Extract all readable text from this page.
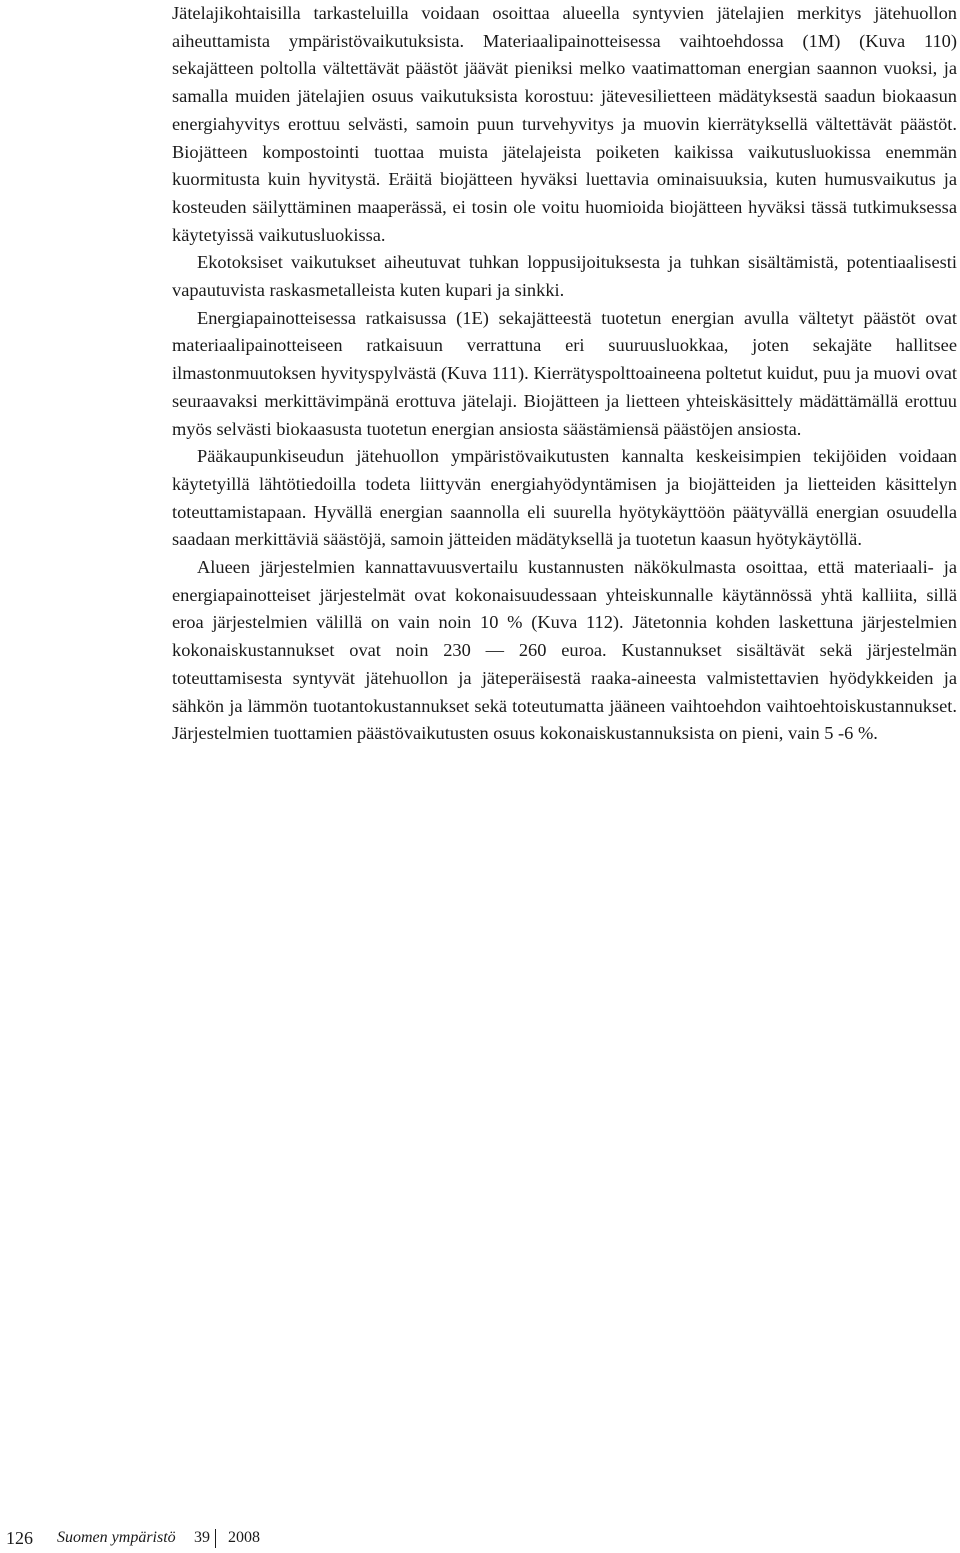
Jätelajikohtaisilla tarkasteluilla voidaan osoittaa alueella syntyvien jätelajien merkitys jätehuollon aiheuttamista ympäristövaikutuksista. Materiaalipainotteisessa vaihtoehdossa (1M) (Kuva 110) sekajätteen poltolla vältettävät päästöt jäävät pieniksi melko vaatimattoman energian saannon vuoksi, ja samalla muiden jätelajien osuus vaikutuksista korostuu: jätevesilietteen mädätyksestä saadun biokaasun energiahyvitys erottuu selvästi, samoin puun turvehyvitys ja muovin kierrätyksellä vältettävät päästöt. Biojätteen kompostointi tuottaa muista jätelajeista poiketen kaikissa vaikutusluokissa enemmän kuormitusta kuin hyvitystä. Eräitä biojätteen hyväksi luettavia ominaisuuksia, kuten humusvaikutus ja kosteuden säilyttäminen maaperässä, ei tosin ole voitu huomioida biojätteen hyväksi tässä tutkimuksessa käytetyissä vaikutusluokissa.

Ekotoksiset vaikutukset aiheutuvat tuhkan loppusijoituksesta ja tuhkan sisältämistä, potentiaalisesti vapautuvista raskasmetalleista kuten kupari ja sinkki.

Energiapainotteisessa ratkaisussa (1E) sekajätteestä tuotetun energian avulla vältetyt päästöt ovat materiaalipainotteiseen ratkaisuun verrattuna eri suuruusluokkaa, joten sekajäte hallitsee ilmastonmuutoksen hyvityspylvästä (Kuva 111). Kierrätyspolttoaineena poltetut kuidut, puu ja muovi ovat seuraavaksi merkittävimpänä erottuva jätelaji. Biojätteen ja lietteen yhteiskäsittely mädättämällä erottuu myös selvästi biokaasusta tuotetun energian ansiosta säästämiensä päästöjen ansiosta.

Pääkaupunkiseudun jätehuollon ympäristövaikutusten kannalta keskeisimpien tekijöiden voidaan käytetyillä lähtötiedoilla todeta liittyvän energiahyödyntämisen ja biojätteiden ja lietteiden käsittelyn toteuttamistapaan. Hyvällä energian saannolla eli suurella hyötykäyttöön päätyvällä energian osuudella saadaan merkittäviä säästöjä, samoin jätteiden mädätyksellä ja tuotetun kaasun hyötykäytöllä.

Alueen järjestelmien kannattavuusvertailu kustannusten näkökulmasta osoittaa, että materiaali- ja energiapainotteiset järjestelmät ovat kokonaisuudessaan yhteiskunnalle käytännössä yhtä kalliita, sillä eroa järjestelmien välillä on vain noin 10 % (Kuva 112). Jätetonnia kohden laskettuna järjestelmien kokonaiskustannukset ovat noin 230 — 260 euroa. Kustannukset sisältävät sekä järjestelmän toteuttamisesta syntyvät jätehuollon ja jäteperäisestä raaka-aineesta valmistettavien hyödykkeiden ja sähkön ja lämmön tuotantokustannukset sekä toteutumatta jääneen vaihtoehdon vaihtoehtoiskustannukset. Järjestelmien tuottamien päästövaikutusten osuus kokonaiskustannuksista on pieni, vain 5 -6 %.

126 Suomen ympäristö 39 2008
